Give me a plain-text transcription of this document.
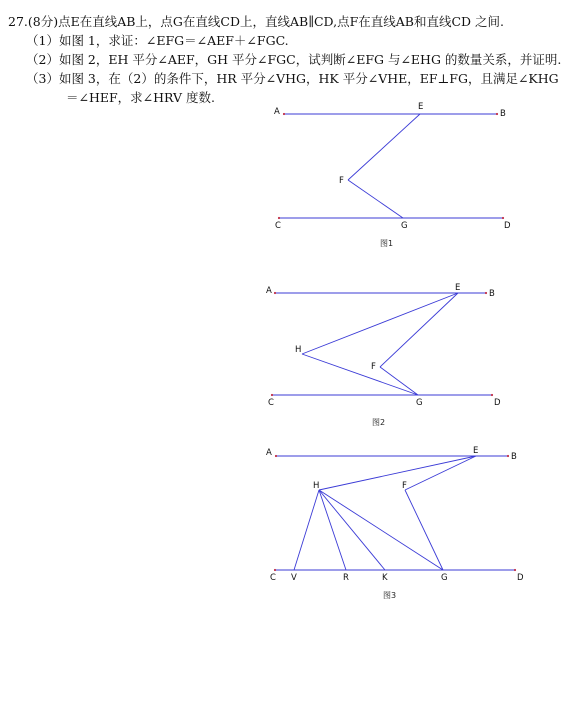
27.(8分)点E在直线AB上，点G在直线CD上，直线AB∥CD,点F在直线AB和直线CD 之间.

（1）如图 1，求证：∠EFG＝∠AEF＋∠FGC.

（2）如图 2，EH 平分∠AEF，GH 平分∠FGC，试判断∠EFG 与∠EHG 的数量关系，并证明.

（3）如图 3，在（2）的条件下，HR 平分∠VHG，HK 平分∠VHE，EF⊥FG，且满足∠KHG

＝∠HEF，求∠HRV 度数.

A	E
B
F
C	G	D
图1
A	E
B
H
F
C	G	D
图2
A	E
B
H	F
C V	R	K	G	D
图3
